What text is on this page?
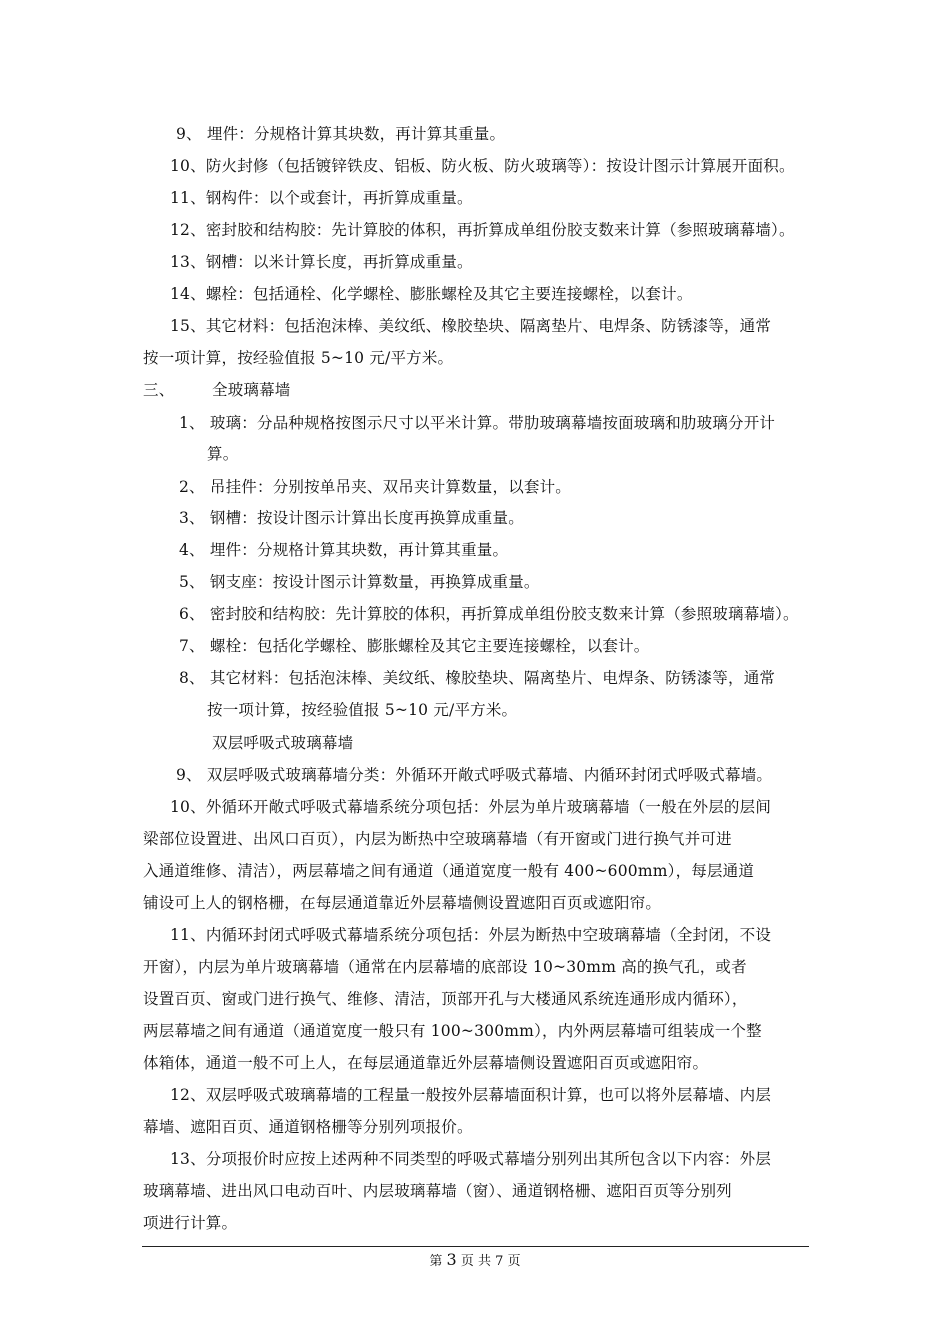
9、 埋件：分规格计算其块数，再计算其重量。
10、防火封修（包括镀锌铁皮、铝板、防火板、防火玻璃等）：按设计图示计算展开面积。
11、钢构件：以个或套计，再折算成重量。
12、密封胶和结构胶：先计算胶的体积，再折算成单组份胶支数来计算（参照玻璃幕墙）。
13、钢槽：以米计算长度，再折算成重量。
14、螺栓：包括通栓、化学螺栓、膨胀螺栓及其它主要连接螺栓，以套计。
15、其它材料：包括泡沫棒、美纹纸、橡胶垫块、隔离垫片、电焊条、防锈漆等，通常
按一项计算，按经验值报 5~10 元/平方米。
三、 全玻璃幕墙
1、 玻璃：分品种规格按图示尺寸以平米计算。带肋玻璃幕墙按面玻璃和肋玻璃分开计
算。
2、 吊挂件：分别按单吊夹、双吊夹计算数量，以套计。
3、 钢槽：按设计图示计算出长度再换算成重量。
4、 埋件：分规格计算其块数，再计算其重量。
5、 钢支座：按设计图示计算数量，再换算成重量。
6、 密封胶和结构胶：先计算胶的体积，再折算成单组份胶支数来计算（参照玻璃幕墙）。
7、 螺栓：包括化学螺栓、膨胀螺栓及其它主要连接螺栓，以套计。
8、 其它材料：包括泡沫棒、美纹纸、橡胶垫块、隔离垫片、电焊条、防锈漆等，通常
按一项计算，按经验值报 5~10 元/平方米。
双层呼吸式玻璃幕墙
9、 双层呼吸式玻璃幕墙分类：外循环开敞式呼吸式幕墙、内循环封闭式呼吸式幕墙。
10、外循环开敞式呼吸式幕墙系统分项包括：外层为单片玻璃幕墙（一般在外层的层间
梁部位设置进、出风口百页），内层为断热中空玻璃幕墙（有开窗或门进行换气并可进
入通道维修、清洁），两层幕墙之间有通道（通道宽度一般有 400~600mm），每层通道
铺设可上人的钢格栅，在每层通道靠近外层幕墙侧设置遮阳百页或遮阳帘。
11、内循环封闭式呼吸式幕墙系统分项包括：外层为断热中空玻璃幕墙（全封闭，不设
开窗），内层为单片玻璃幕墙（通常在内层幕墙的底部设 10~30mm 高的换气孔，或者
设置百页、窗或门进行换气、维修、清洁，顶部开孔与大楼通风系统连通形成内循环），
两层幕墙之间有通道（通道宽度一般只有 100~300mm），内外两层幕墙可组装成一个整
体箱体，通道一般不可上人，在每层通道靠近外层幕墙侧设置遮阳百页或遮阳帘。
12、双层呼吸式玻璃幕墙的工程量一般按外层幕墙面积计算，也可以将外层幕墙、内层
幕墙、遮阳百页、通道钢格栅等分别列项报价。
13、分项报价时应按上述两种不同类型的呼吸式幕墙分别列出其所包含以下内容：外层
玻璃幕墙、进出风口电动百叶、内层玻璃幕墙（窗）、通道钢格栅、遮阳百页等分别列
项进行计算。
第 3 页 共 7 页
